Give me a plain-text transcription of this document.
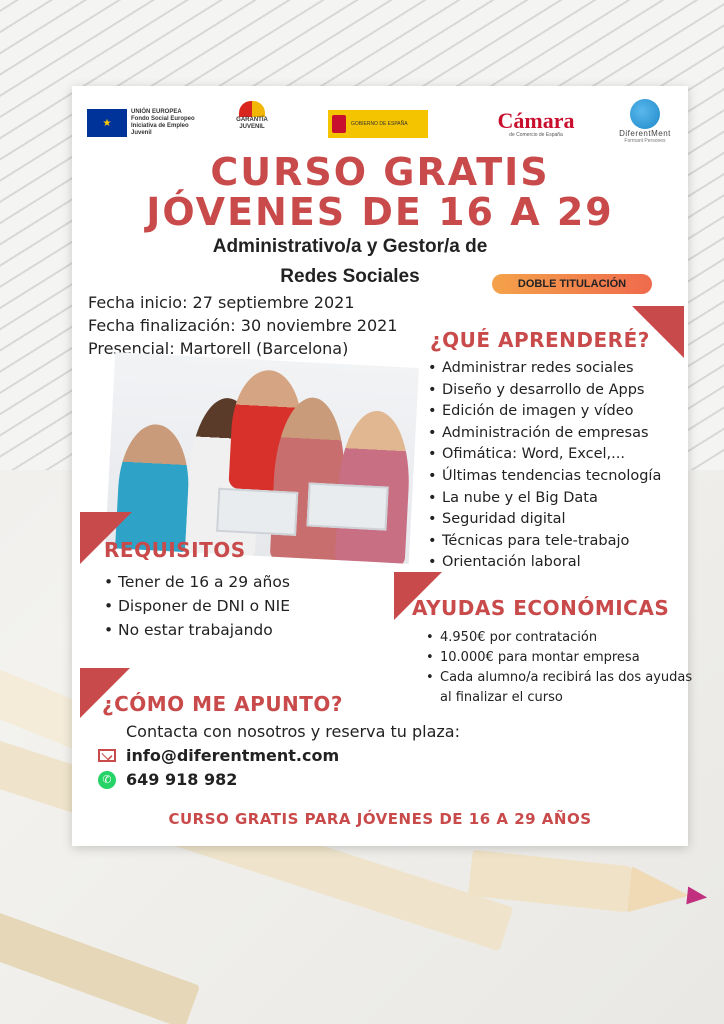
★
UNIÓN EUROPEA Fondo Social Europeo Iniciativa de Empleo Juvenil
GARANTÍA JUVENIL	GOBIERNO DE ESPAÑA	Cámara
de Comercio de España	DiferentMent
Formant Persones
CURSO GRATIS
JÓVENES DE 16 A 29
Administrativo/a y Gestor/a de
Redes Sociales	DOBLE TITULACIÓN
Fecha inicio: 27 septiembre 2021
Fecha finalización: 30 noviembre 2021
Presencial: Martorell (Barcelona)	¿QUÉ APRENDERÉ?
• Administrar redes sociales
• Diseño y desarrollo de Apps
• Edición de imagen y vídeo
• Administración de empresas
• Ofimática: Word, Excel,...
• Últimas tendencias tecnología
• La nube y el Big Data
• Seguridad digital
• Técnicas para tele-trabajo
• Orientación laboral
REQUISITOS
• Tener de 16 a 29 años
• Disponer de DNI o NIE
• No estar trabajando
AYUDAS ECONÓMICAS
• 4.950€ por contratación
• 10.000€ para montar empresa
• Cada alumno/a recibirá las dos ayudas al finalizar el curso
¿CÓMO ME APUNTO?
Contacta con nosotros y reserva tu plaza:
info@diferentment.com
✆ 649 918 982
CURSO GRATIS PARA JÓVENES DE 16 A 29 AÑOS
